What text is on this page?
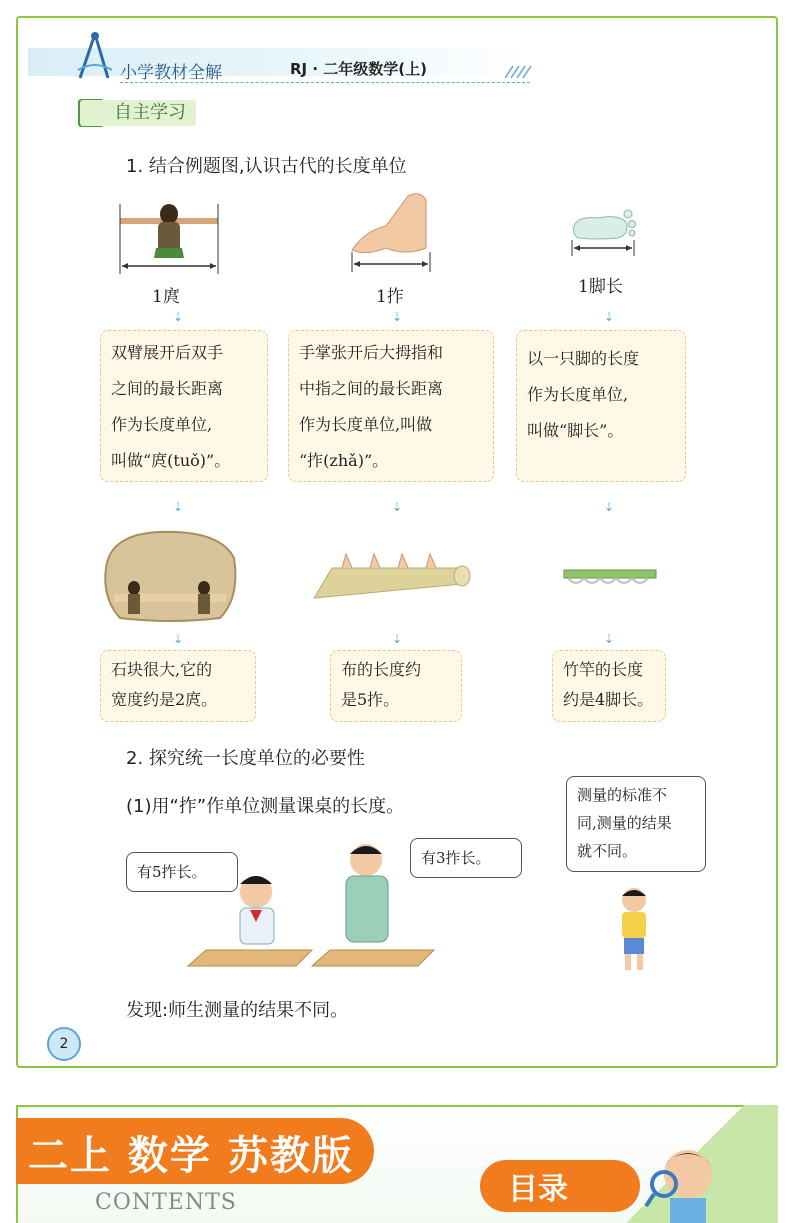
小学教材全解	RJ · 二年级数学(上)
自主学习
1. 结合例题图,认识古代的长度单位
1庹	1拃	1脚长
⇣	⇣	⇣
双臂展开后双手
之间的最长距离
作为长度单位,
叫做“庹(tuǒ)”。
手掌张开后大拇指和
中指之间的最长距离
作为长度单位,叫做
“拃(zhǎ)”。
以一只脚的长度
作为长度单位,
叫做“脚长”。
⇣	⇣	⇣
⇣	⇣	⇣
石块很大,它的
宽度约是2庹。
布的长度约
是5拃。
竹竿的长度
约是4脚长。
2. 探究统一长度单位的必要性
(1)用“拃”作单位测量课桌的长度。
测量的标准不
同,测量的结果
就不同。
有5拃长。
有3拃长。
发现:师生测量的结果不同。
2
二上 数学 苏教版
CONTENTS	目录
